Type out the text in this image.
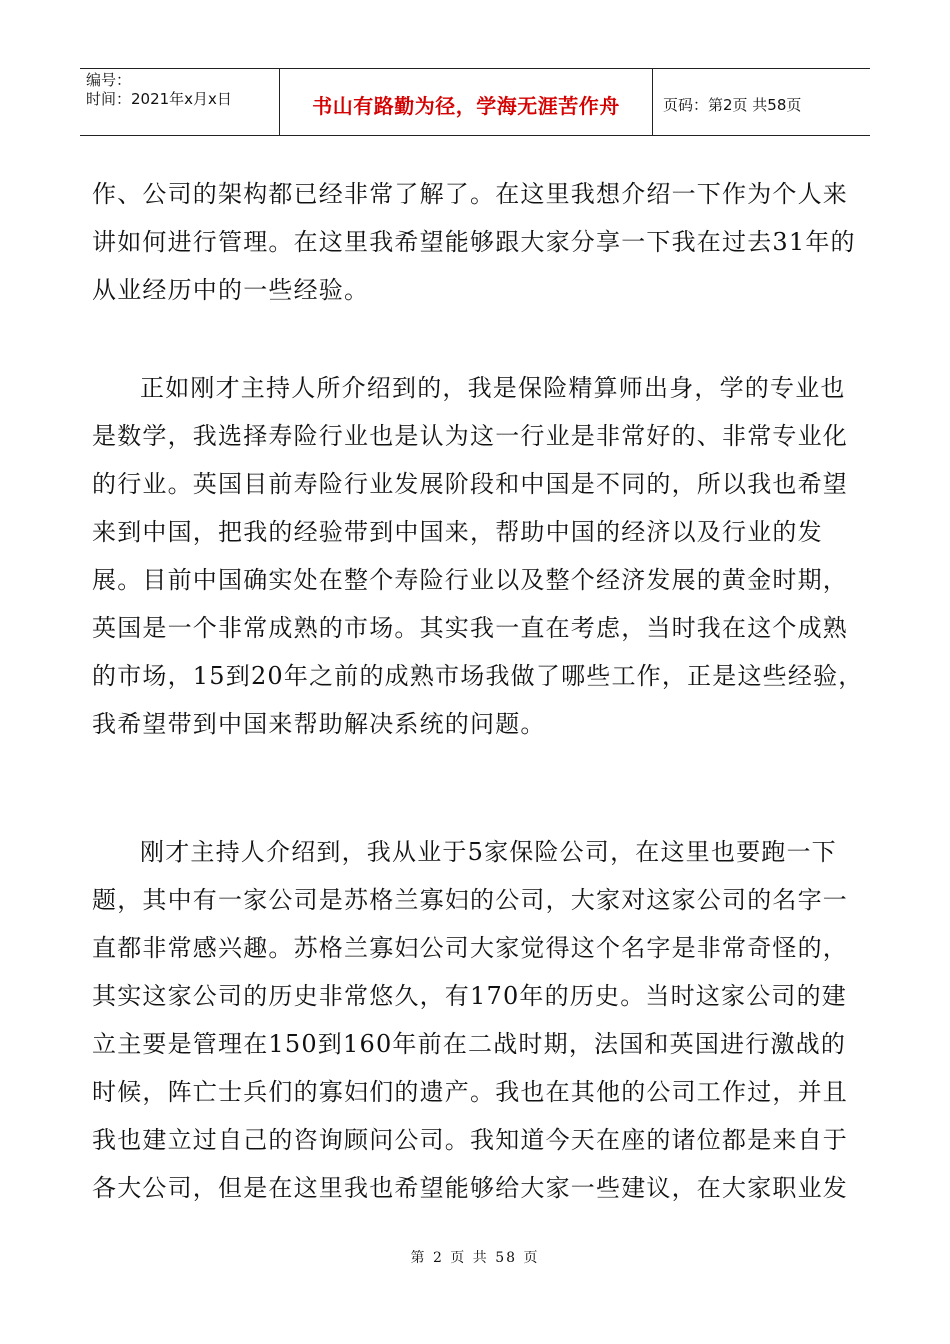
编号：
时间：2021年x月x日	书山有路勤为径，学海无涯苦作舟	页码：第2页 共58页

作、公司的架构都已经非常了解了。在这里我想介绍一下作为个人来讲如何进行管理。在这里我希望能够跟大家分享一下我在过去31年的从业经历中的一些经验。

正如刚才主持人所介绍到的，我是保险精算师出身，学的专业也是数学，我选择寿险行业也是认为这一行业是非常好的、非常专业化的行业。英国目前寿险行业发展阶段和中国是不同的，所以我也希望来到中国，把我的经验带到中国来，帮助中国的经济以及行业的发展。目前中国确实处在整个寿险行业以及整个经济发展的黄金时期，英国是一个非常成熟的市场。其实我一直在考虑，当时我在这个成熟的市场，15到20年之前的成熟市场我做了哪些工作，正是这些经验，我希望带到中国来帮助解决系统的问题。

刚才主持人介绍到，我从业于5家保险公司，在这里也要跑一下题，其中有一家公司是苏格兰寡妇的公司，大家对这家公司的名字一直都非常感兴趣。苏格兰寡妇公司大家觉得这个名字是非常奇怪的，其实这家公司的历史非常悠久，有170年的历史。当时这家公司的建立主要是管理在150到160年前在二战时期，法国和英国进行激战的时候，阵亡士兵们的寡妇们的遗产。我也在其他的公司工作过，并且我也建立过自己的咨询顾问公司。我知道今天在座的诸位都是来自于各大公司，但是在这里我也希望能够给大家一些建议，在大家职业发

第 2 页 共 58 页
